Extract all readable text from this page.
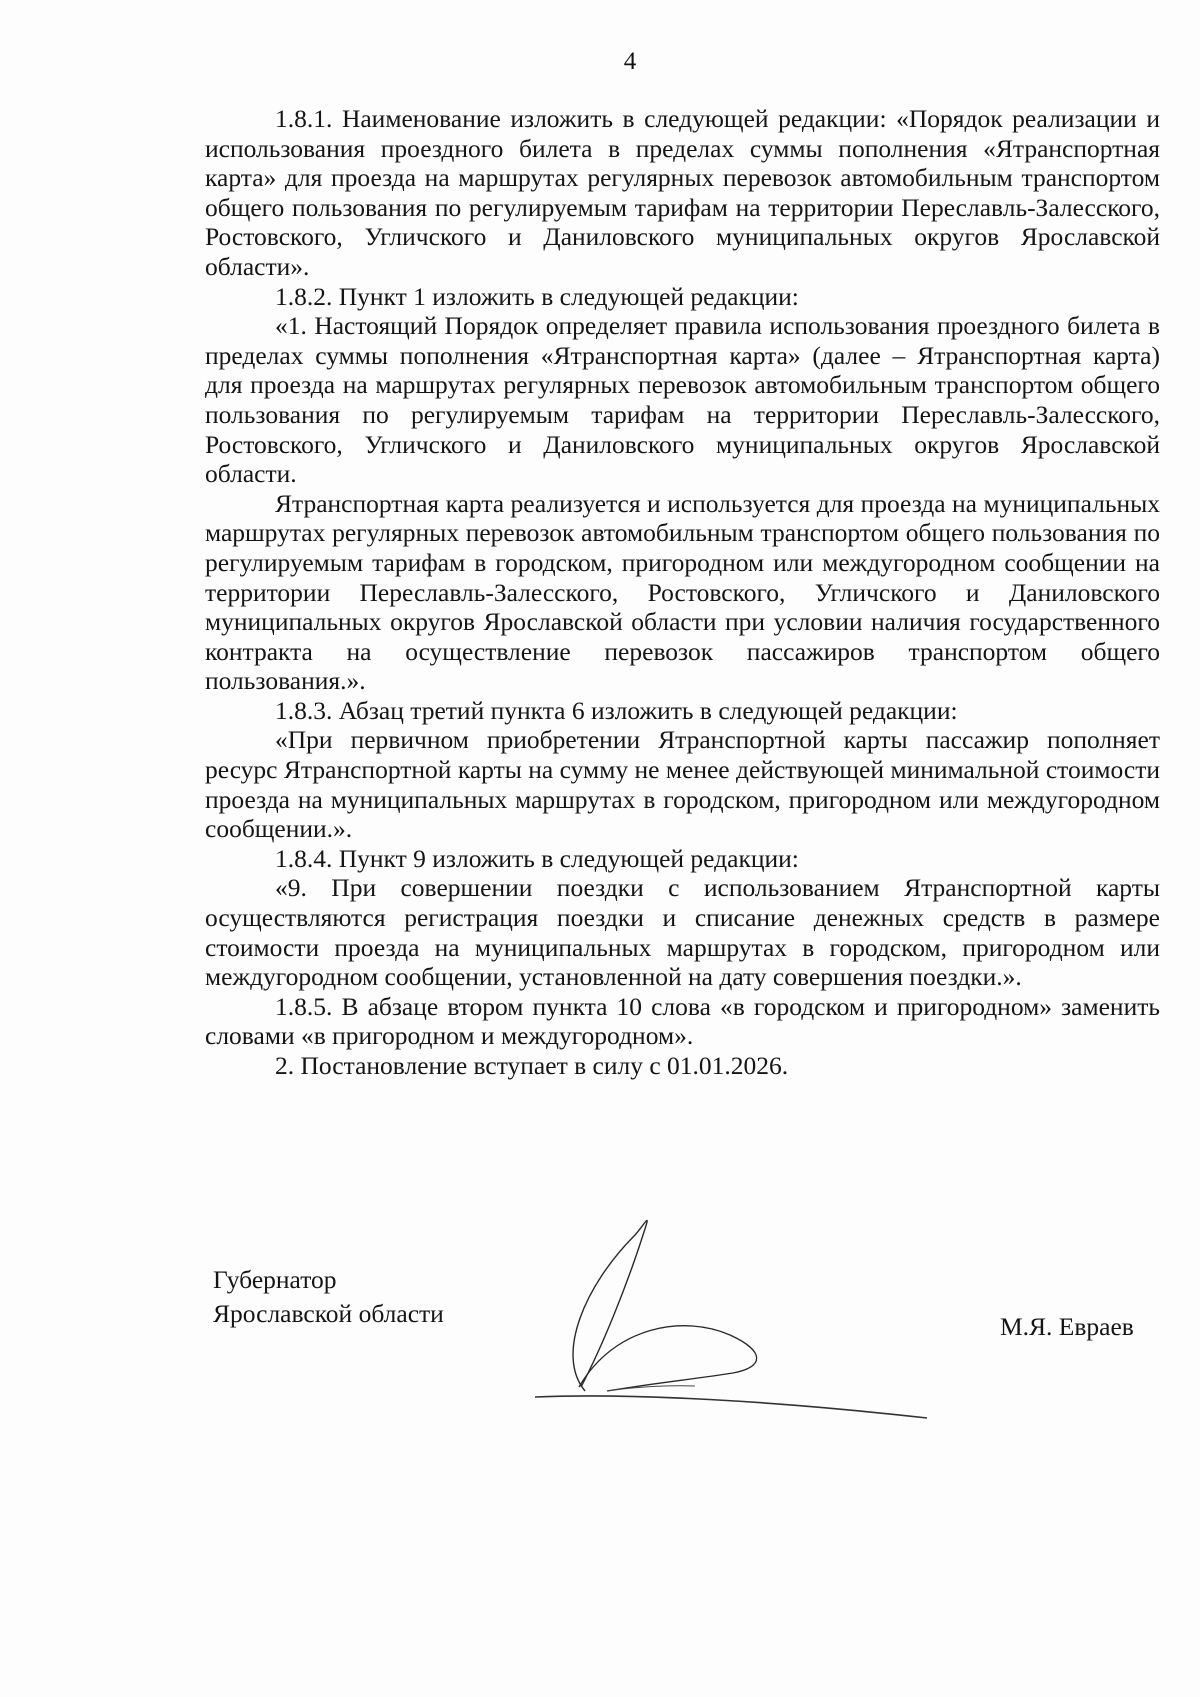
4

1.8.1. Наименование изложить в следующей редакции: «Порядок реализации и использования проездного билета в пределах суммы пополнения «Ятранспортная карта» для проезда на маршрутах регулярных перевозок автомобильным транспортом общего пользования по регулируемым тарифам на территории Переславль-Залесского, Ростовского, Угличского и Даниловского муниципальных округов Ярославской области».

1.8.2. Пункт 1 изложить в следующей редакции:

«1. Настоящий Порядок определяет правила использования проездного билета в пределах суммы пополнения «Ятранспортная карта» (далее – Ятранспортная карта) для проезда на маршрутах регулярных перевозок автомобильным транспортом общего пользования по регулируемым тарифам на территории Переславль-Залесского, Ростовского, Угличского и Даниловского муниципальных округов Ярославской области.

Ятранспортная карта реализуется и используется для проезда на муниципальных маршрутах регулярных перевозок автомобильным транспортом общего пользования по регулируемым тарифам в городском, пригородном или междугородном сообщении на территории Переславль-Залесского, Ростовского, Угличского и Даниловского муниципальных округов Ярославской области при условии наличия государственного контракта на осуществление перевозок пассажиров транспортом общего пользования.».

1.8.3. Абзац третий пункта 6 изложить в следующей редакции:

«При первичном приобретении Ятранспортной карты пассажир пополняет ресурс Ятранспортной карты на сумму не менее действующей минимальной стоимости проезда на муниципальных маршрутах в городском, пригородном или междугородном сообщении.».

1.8.4. Пункт 9 изложить в следующей редакции:

«9. При совершении поездки с использованием Ятранспортной карты осуществляются регистрация поездки и списание денежных средств в размере стоимости проезда на муниципальных маршрутах в городском, пригородном или междугородном сообщении, установленной на дату совершения поездки.».

1.8.5. В абзаце втором пункта 10 слова «в городском и пригородном» заменить словами «в пригородном и междугородном».

2. Постановление вступает в силу с 01.01.2026.

Губернатор
Ярославской области	М.Я. Евраев
